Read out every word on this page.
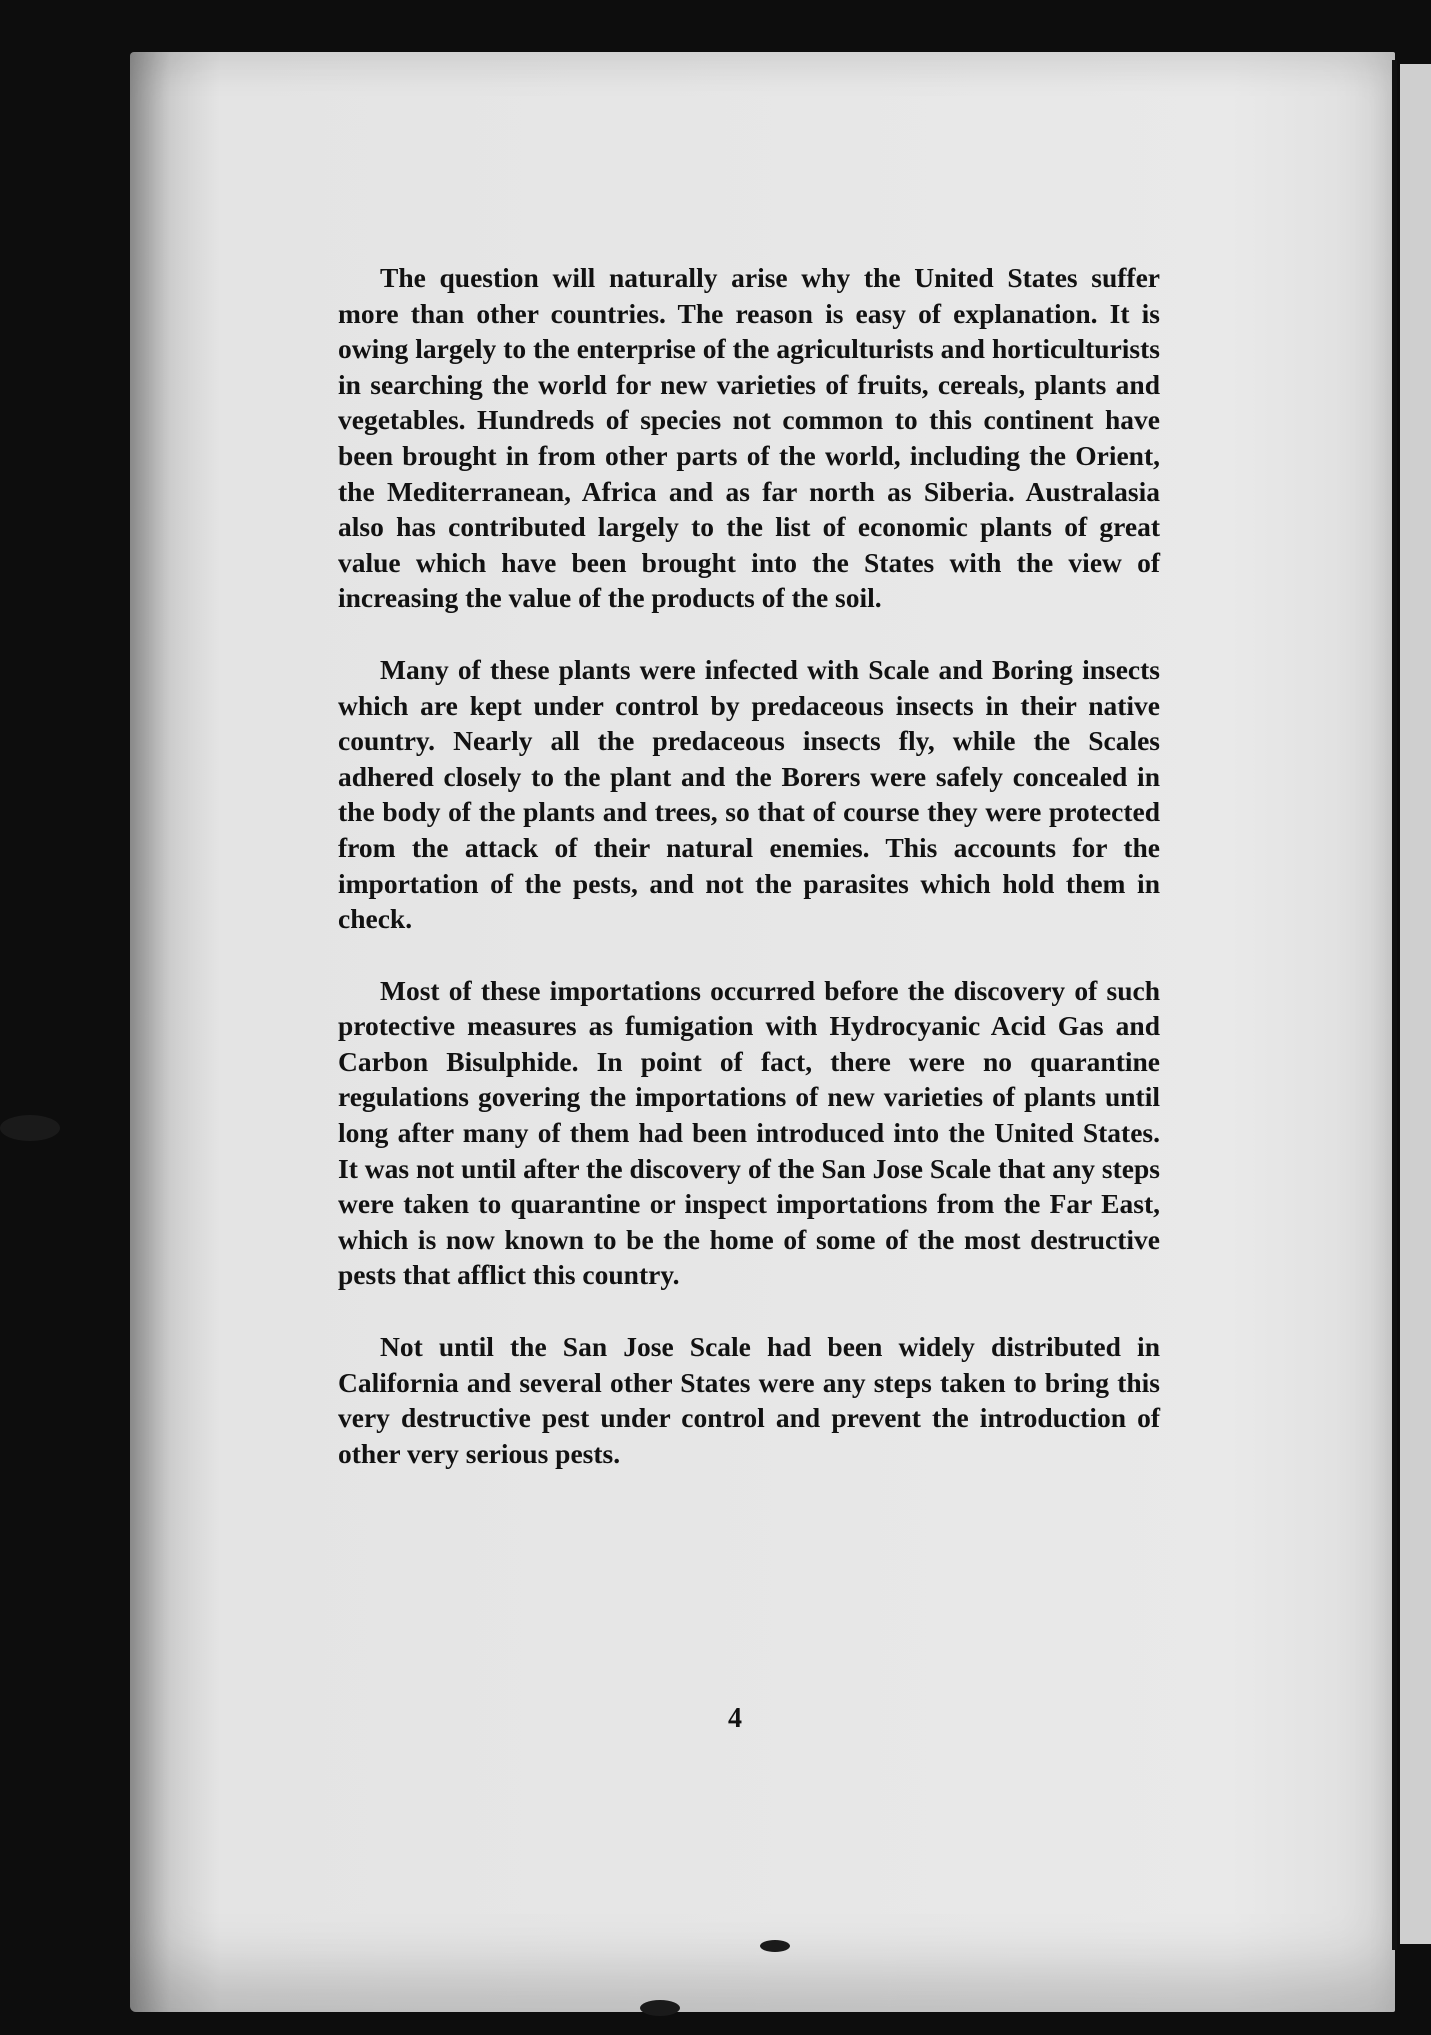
The question will naturally arise why the United States suffer more than other countries. The reason is easy of explanation. It is owing largely to the enterprise of the agriculturists and horticulturists in searching the world for new varieties of fruits, cereals, plants and vegetables. Hundreds of species not common to this continent have been brought in from other parts of the world, including the Orient, the Mediterranean, Africa and as far north as Siberia. Australasia also has contributed largely to the list of economic plants of great value which have been brought into the States with the view of increasing the value of the products of the soil.

Many of these plants were infected with Scale and Boring insects which are kept under control by predaceous insects in their native country. Nearly all the predaceous insects fly, while the Scales adhered closely to the plant and the Borers were safely concealed in the body of the plants and trees, so that of course they were protected from the attack of their natural enemies. This accounts for the importation of the pests, and not the parasites which hold them in check.

Most of these importations occurred before the discovery of such protective measures as fumigation with Hydrocyanic Acid Gas and Carbon Bisulphide. In point of fact, there were no quarantine regulations govering the importations of new varieties of plants until long after many of them had been introduced into the United States. It was not until after the discovery of the San Jose Scale that any steps were taken to quarantine or inspect importations from the Far East, which is now known to be the home of some of the most destructive pests that afflict this country.

Not until the San Jose Scale had been widely distributed in California and several other States were any steps taken to bring this very destructive pest under control and prevent the introduction of other very serious pests.

4
